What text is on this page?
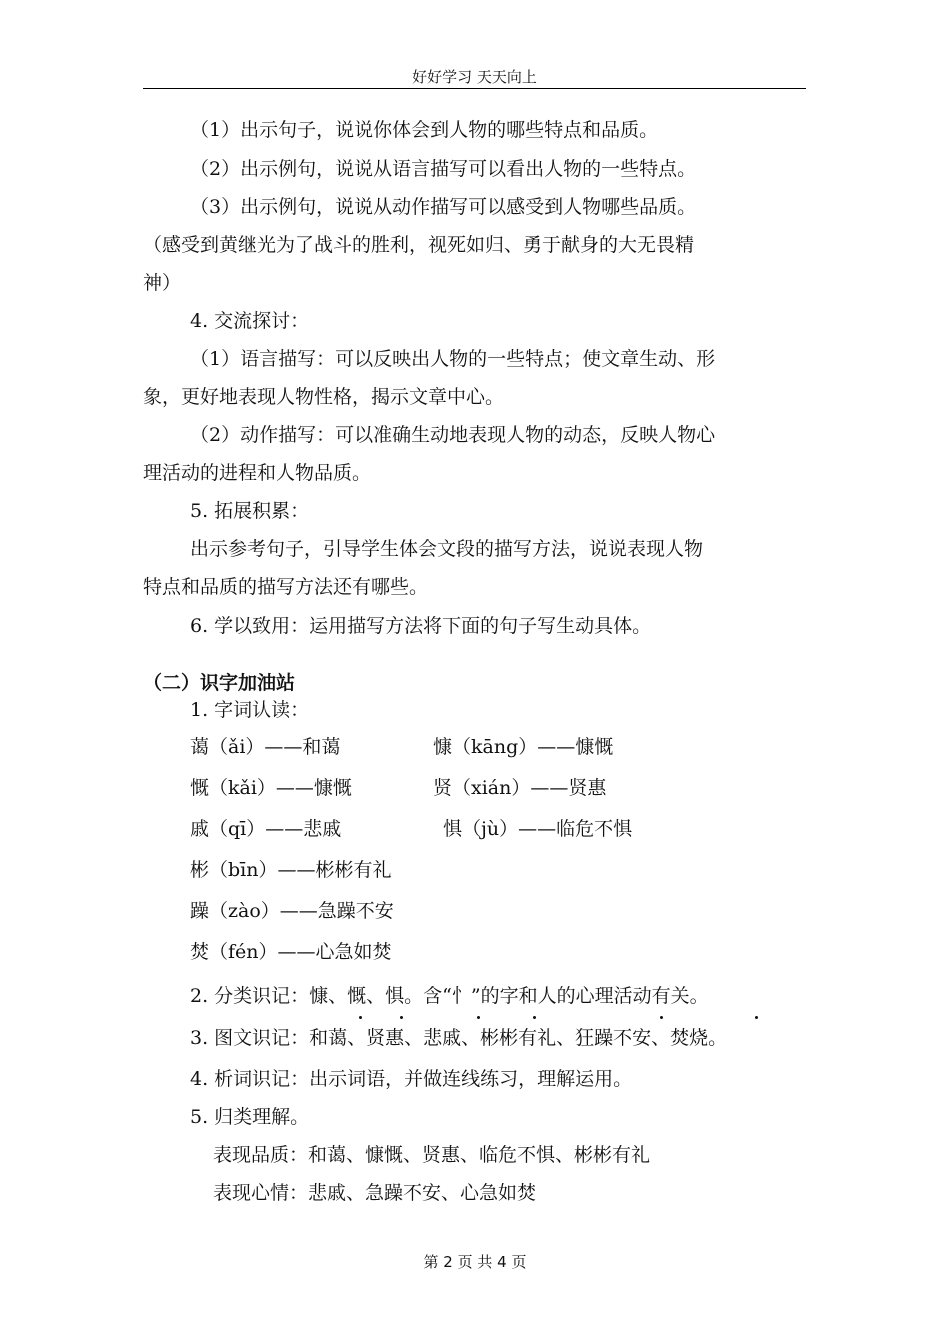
好好学习 天天向上
（1）出示句子，说说你体会到人物的哪些特点和品质。
（2）出示例句，说说从语言描写可以看出人物的一些特点。
（3）出示例句，说说从动作描写可以感受到人物哪些品质。
（感受到黄继光为了战斗的胜利，视死如归、勇于献身的大无畏精
神）
4. 交流探讨：
（1）语言描写：可以反映出人物的一些特点；使文章生动、形
象，更好地表现人物性格，揭示文章中心。
（2）动作描写：可以准确生动地表现人物的动态，反映人物心
理活动的进程和人物品质。
5. 拓展积累：
出示参考句子，引导学生体会文段的描写方法，说说表现人物
特点和品质的描写方法还有哪些。
6. 学以致用：运用描写方法将下面的句子写生动具体。
（二）识字加油站
1. 字词认读：
蔼（ǎi）——和蔼	慷（kāng）——慷慨
慨（kǎi）——慷慨	贤（xián）——贤惠
戚（qī）——悲戚	惧（jù）——临危不惧
彬（bīn）——彬彬有礼
躁（zào）——急躁不安
焚（fén）——心急如焚
2. 分类识记：慷、慨、惧。含“忄”的字和人的心理活动有关。
3. 图文识记：和蔼、贤惠、悲戚、彬彬有礼、狂躁不安、焚烧。
4. 析词识记：出示词语，并做连线练习，理解运用。
5. 归类理解。
表现品质：和蔼、慷慨、贤惠、临危不惧、彬彬有礼
表现心情：悲戚、急躁不安、心急如焚
第 2 页 共 4 页
